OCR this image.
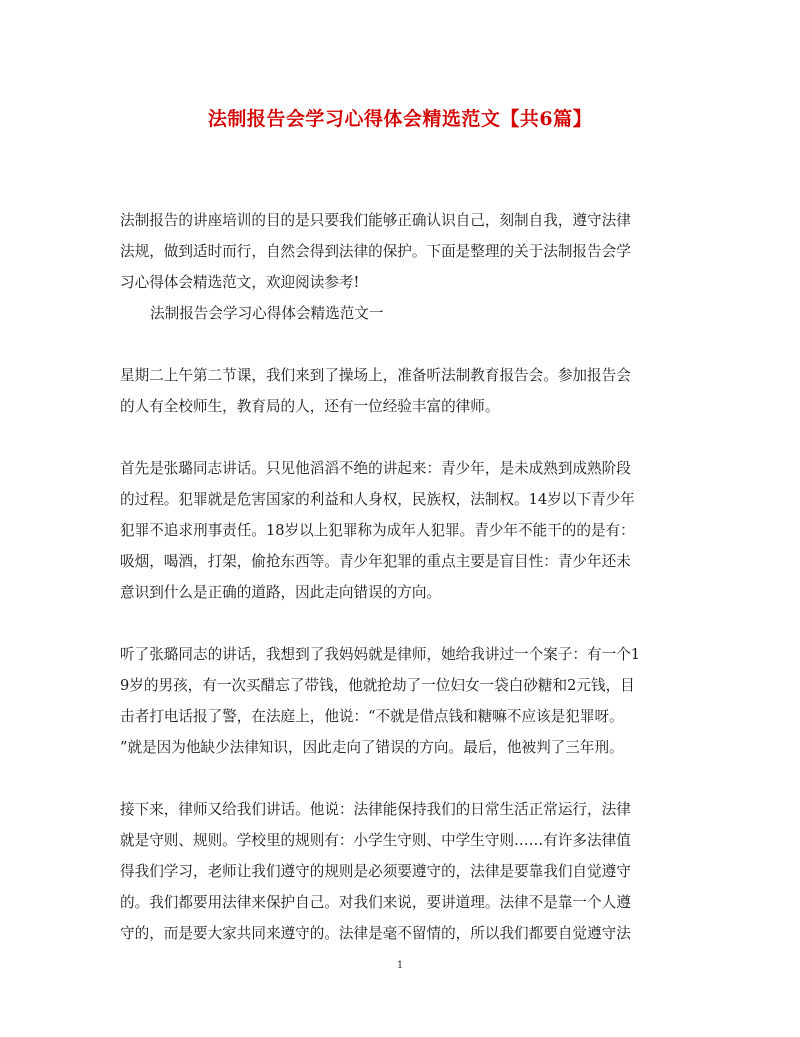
法制报告会学习心得体会精选范文【共6篇】
法制报告的讲座培训的目的是只要我们能够正确认识自己，刻制自我，遵守法律
法规，做到适时而行，自然会得到法律的保护。下面是整理的关于法制报告会学
习心得体会精选范文，欢迎阅读参考!
法制报告会学习心得体会精选范文一
星期二上午第二节课，我们来到了操场上，准备听法制教育报告会。参加报告会
的人有全校师生，教育局的人，还有一位经验丰富的律师。
首先是张璐同志讲话。只见他滔滔不绝的讲起来：青少年，是未成熟到成熟阶段
的过程。犯罪就是危害国家的利益和人身权，民族权，法制权。14岁以下青少年
犯罪不追求刑事责任。18岁以上犯罪称为成年人犯罪。青少年不能干的的是有：
吸烟，喝酒，打架，偷抢东西等。青少年犯罪的重点主要是盲目性：青少年还未
意识到什么是正确的道路，因此走向错误的方向。
听了张璐同志的讲话，我想到了我妈妈就是律师，她给我讲过一个案子：有一个1
9岁的男孩，有一次买醋忘了带钱，他就抢劫了一位妇女一袋白砂糖和2元钱，目
击者打电话报了警，在法庭上，他说：“不就是借点钱和糖嘛不应该是犯罪呀。
”就是因为他缺少法律知识，因此走向了错误的方向。最后，他被判了三年刑。
接下来，律师又给我们讲话。他说：法律能保持我们的日常生活正常运行，法律
就是守则、规则。学校里的规则有：小学生守则、中学生守则……有许多法律值
得我们学习，老师让我们遵守的规则是必须要遵守的，法律是要靠我们自觉遵守
的。我们都要用法律来保护自己。对我们来说，要讲道理。法律不是靠一个人遵
守的，而是要大家共同来遵守的。法律是毫不留情的，所以我们都要自觉遵守法
1
